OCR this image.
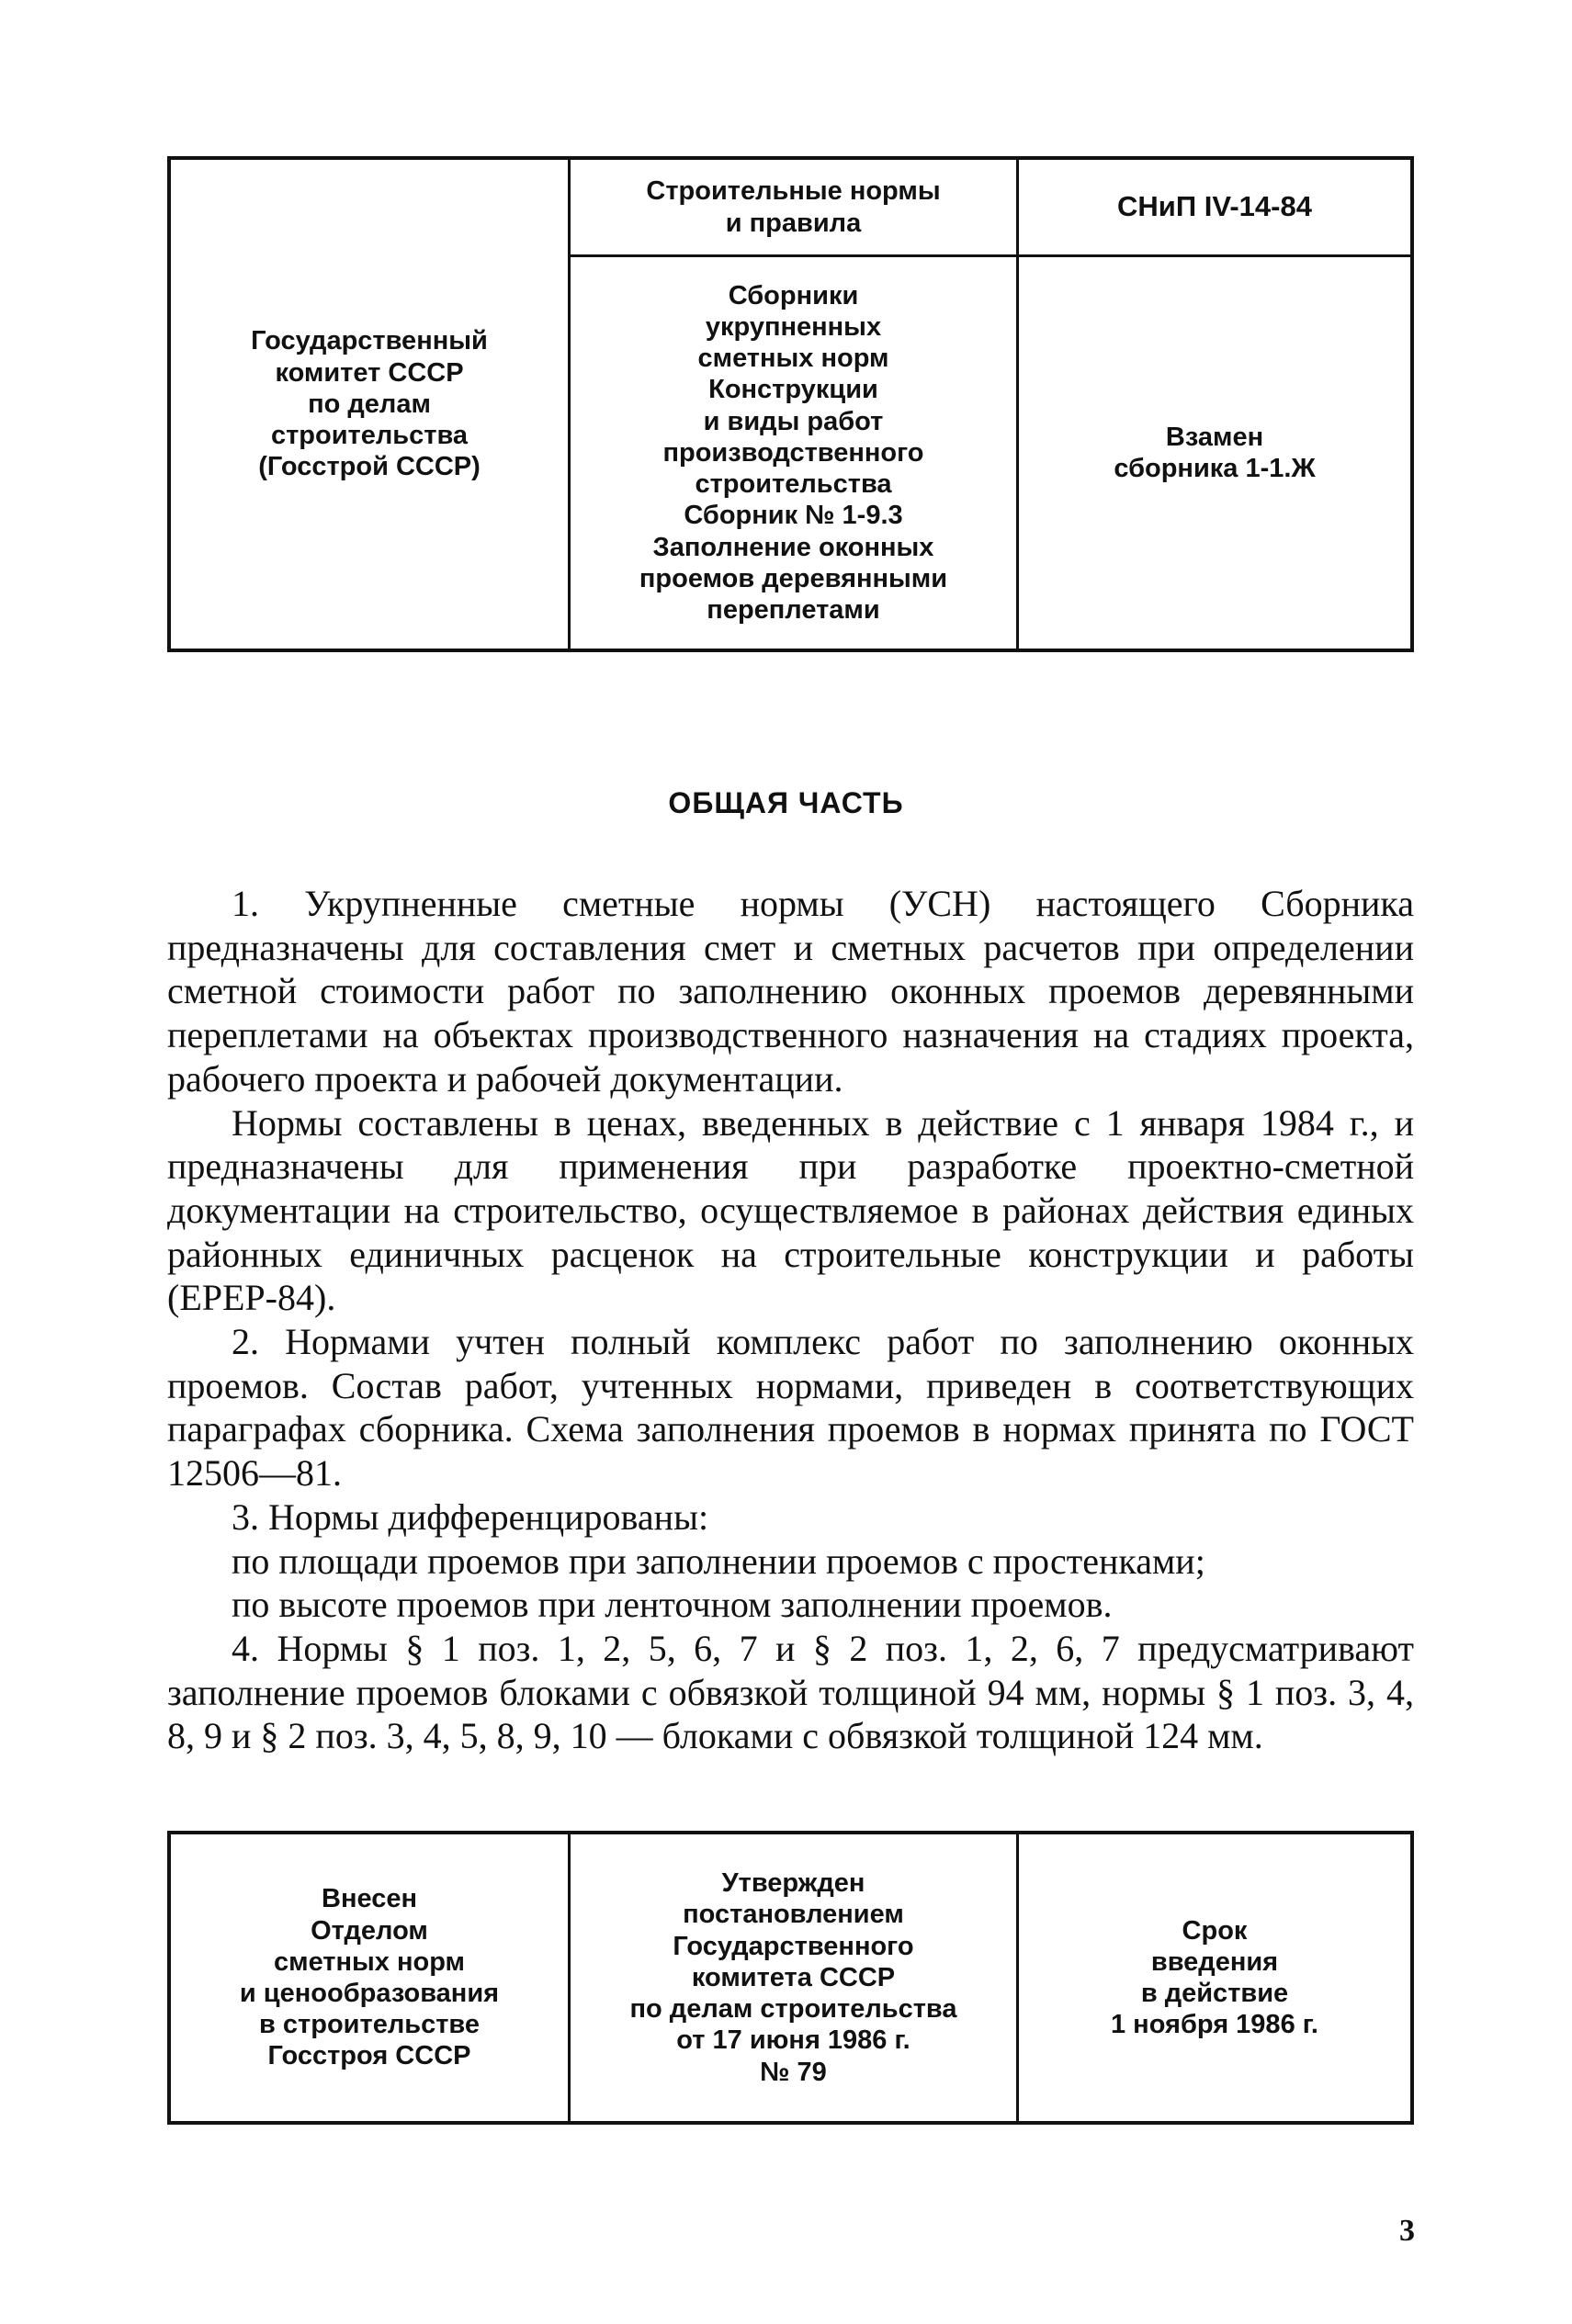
Государственный
комитет СССР
по делам
строительства
(Госстрой СССР)
Строительные нормы
и правила
Сборники
укрупненных
сметных норм
Конструкции
и виды работ
производственного
строительства
Сборник № 1-9.3
Заполнение оконных
проемов деревянными
переплетами
СНиП IV-14-84
Взамен
сборника 1-1.Ж
ОБЩАЯ ЧАСТЬ

1. Укрупненные сметные нормы (УСН) настоящего Сборника предназначены для составления смет и сметных расчетов при определении сметной стоимости работ по заполнению оконных проемов деревянными переплетами на объектах производственного назначения на стадиях проекта, рабочего проекта и рабочей документации.

Нормы составлены в ценах, введенных в действие с 1 января 1984 г., и предназначены для применения при разработке проектно-сметной документации на строительство, осуществляемое в районах действия единых районных единичных расценок на строительные конструкции и работы (ЕРЕР-84).

2. Нормами учтен полный комплекс работ по заполнению оконных проемов. Состав работ, учтенных нормами, приведен в соответствующих параграфах сборника. Схема заполнения проемов в нормах принята по ГОСТ 12506—81.

3. Нормы дифференцированы:

по площади проемов при заполнении проемов с простенками;

по высоте проемов при ленточном заполнении проемов.

4. Нормы § 1 поз. 1, 2, 5, 6, 7 и § 2 поз. 1, 2, 6, 7 предусматривают заполнение проемов блоками с обвязкой толщиной 94 мм, нормы § 1 поз. 3, 4, 8, 9 и § 2 поз. 3, 4, 5, 8, 9, 10 — блоками с обвязкой толщиной 124 мм.

Внесен
Отделом
сметных норм
и ценообразования
в строительстве
Госстроя СССР
Утвержден
постановлением
Государственного
комитета СССР
по делам строительства
от 17 июня 1986 г.
№ 79
Срок
введения
в действие
1 ноября 1986 г.
3
